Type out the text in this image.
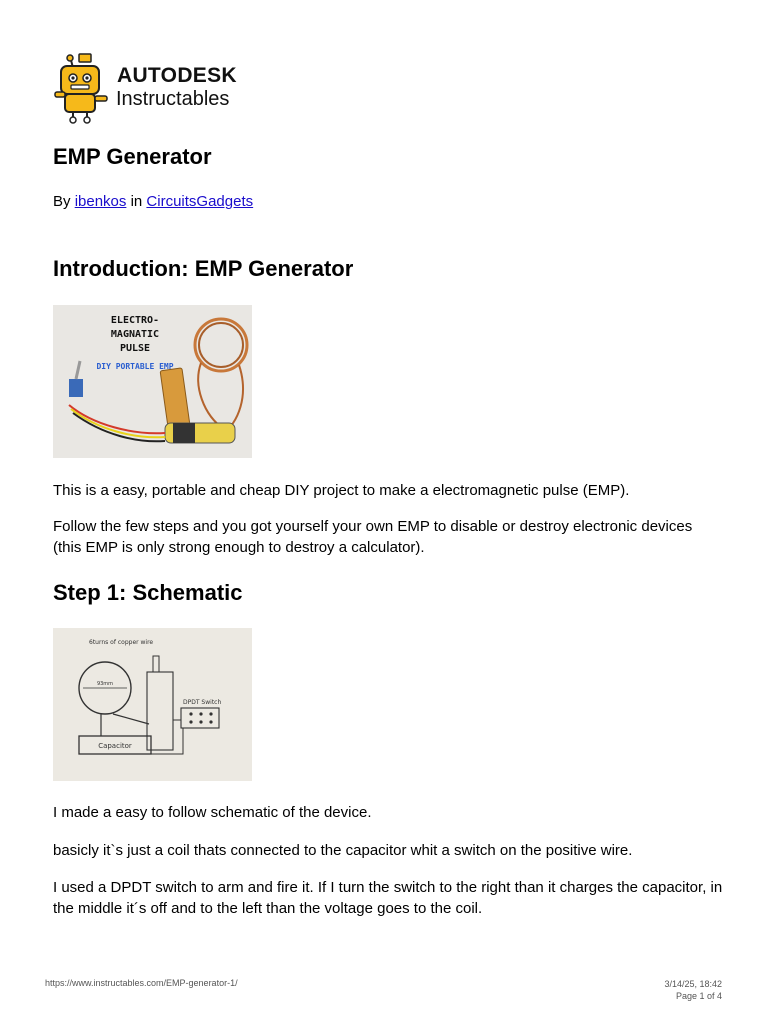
AUTODESK
Instructables
EMP Generator
By ibenkos in CircuitsGadgets
Introduction: EMP Generator
ELECTRO-
MAGNATIC
PULSE
DIY PORTABLE EMP

This is a easy, portable and cheap DIY project to make a electromagnetic pulse (EMP).

Follow the few steps and you got yourself your own EMP to disable or destroy electronic devices (this EMP is only strong enough to destroy a calculator).

Step 1: Schematic
6turns of copper wire
93mm
DPDT Switch
Capacitor

I made a easy to follow schematic of the device.

basicly it`s just a coil thats connected to the capacitor whit a switch on the positive wire.

I used a DPDT switch to arm and fire it. If I turn the switch to the right than it charges the capacitor, in the middle it´s off and to the left than the voltage goes to the coil.

https://www.instructables.com/EMP-generator-1/	3/14/25, 18:42
Page 1 of 4
